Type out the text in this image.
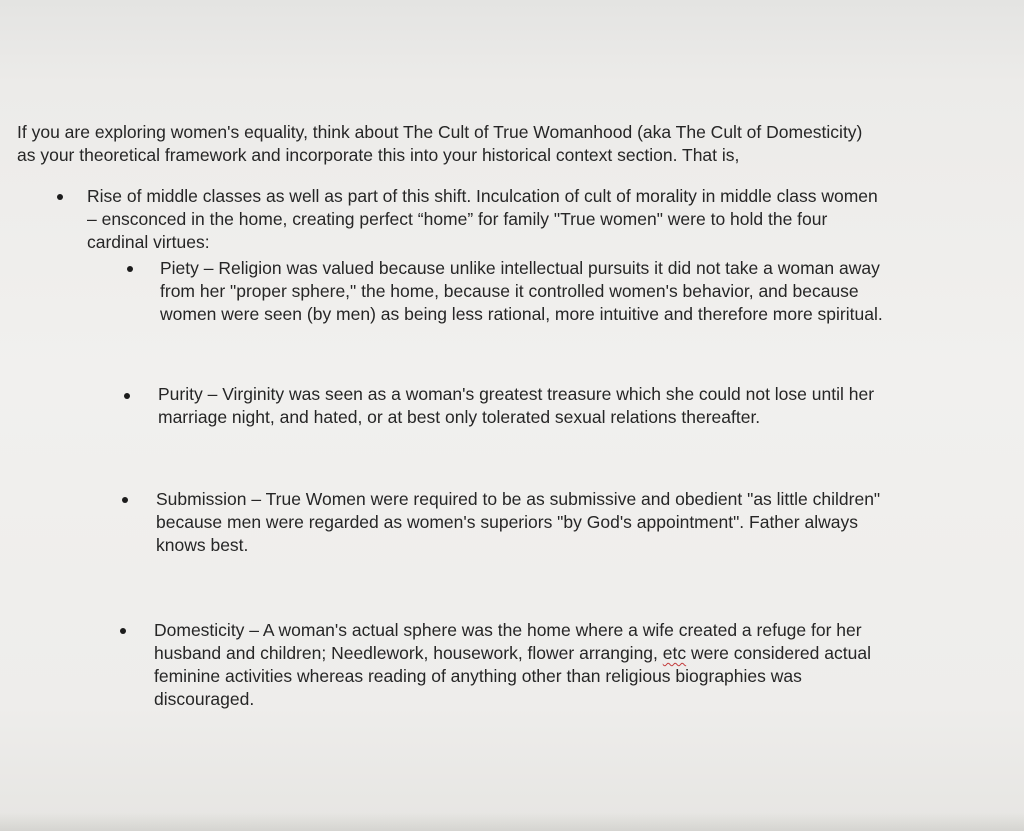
If you are exploring women's equality, think about The Cult of True Womanhood (aka The Cult of Domesticity)

as your theoretical framework and incorporate this into your historical context section. That is,

Rise of middle classes as well as part of this shift. Inculcation of cult of morality in middle class women

– ensconced in the home, creating perfect “home” for family "True women" were to hold the four

cardinal virtues:

Piety – Religion was valued because unlike intellectual pursuits it did not take a woman away

from her "proper sphere," the home, because it controlled women's behavior, and because

women were seen (by men) as being less rational, more intuitive and therefore more spiritual.

Purity – Virginity was seen as a woman's greatest treasure which she could not lose until her

marriage night, and hated, or at best only tolerated sexual relations thereafter.

Submission – True Women were required to be as submissive and obedient "as little children"

because men were regarded as women's superiors "by God's appointment". Father always

knows best.

Domesticity – A woman's actual sphere was the home where a wife created a refuge for her

husband and children; Needlework, housework, flower arranging, etc were considered actual

feminine activities whereas reading of anything other than religious biographies was

discouraged.
